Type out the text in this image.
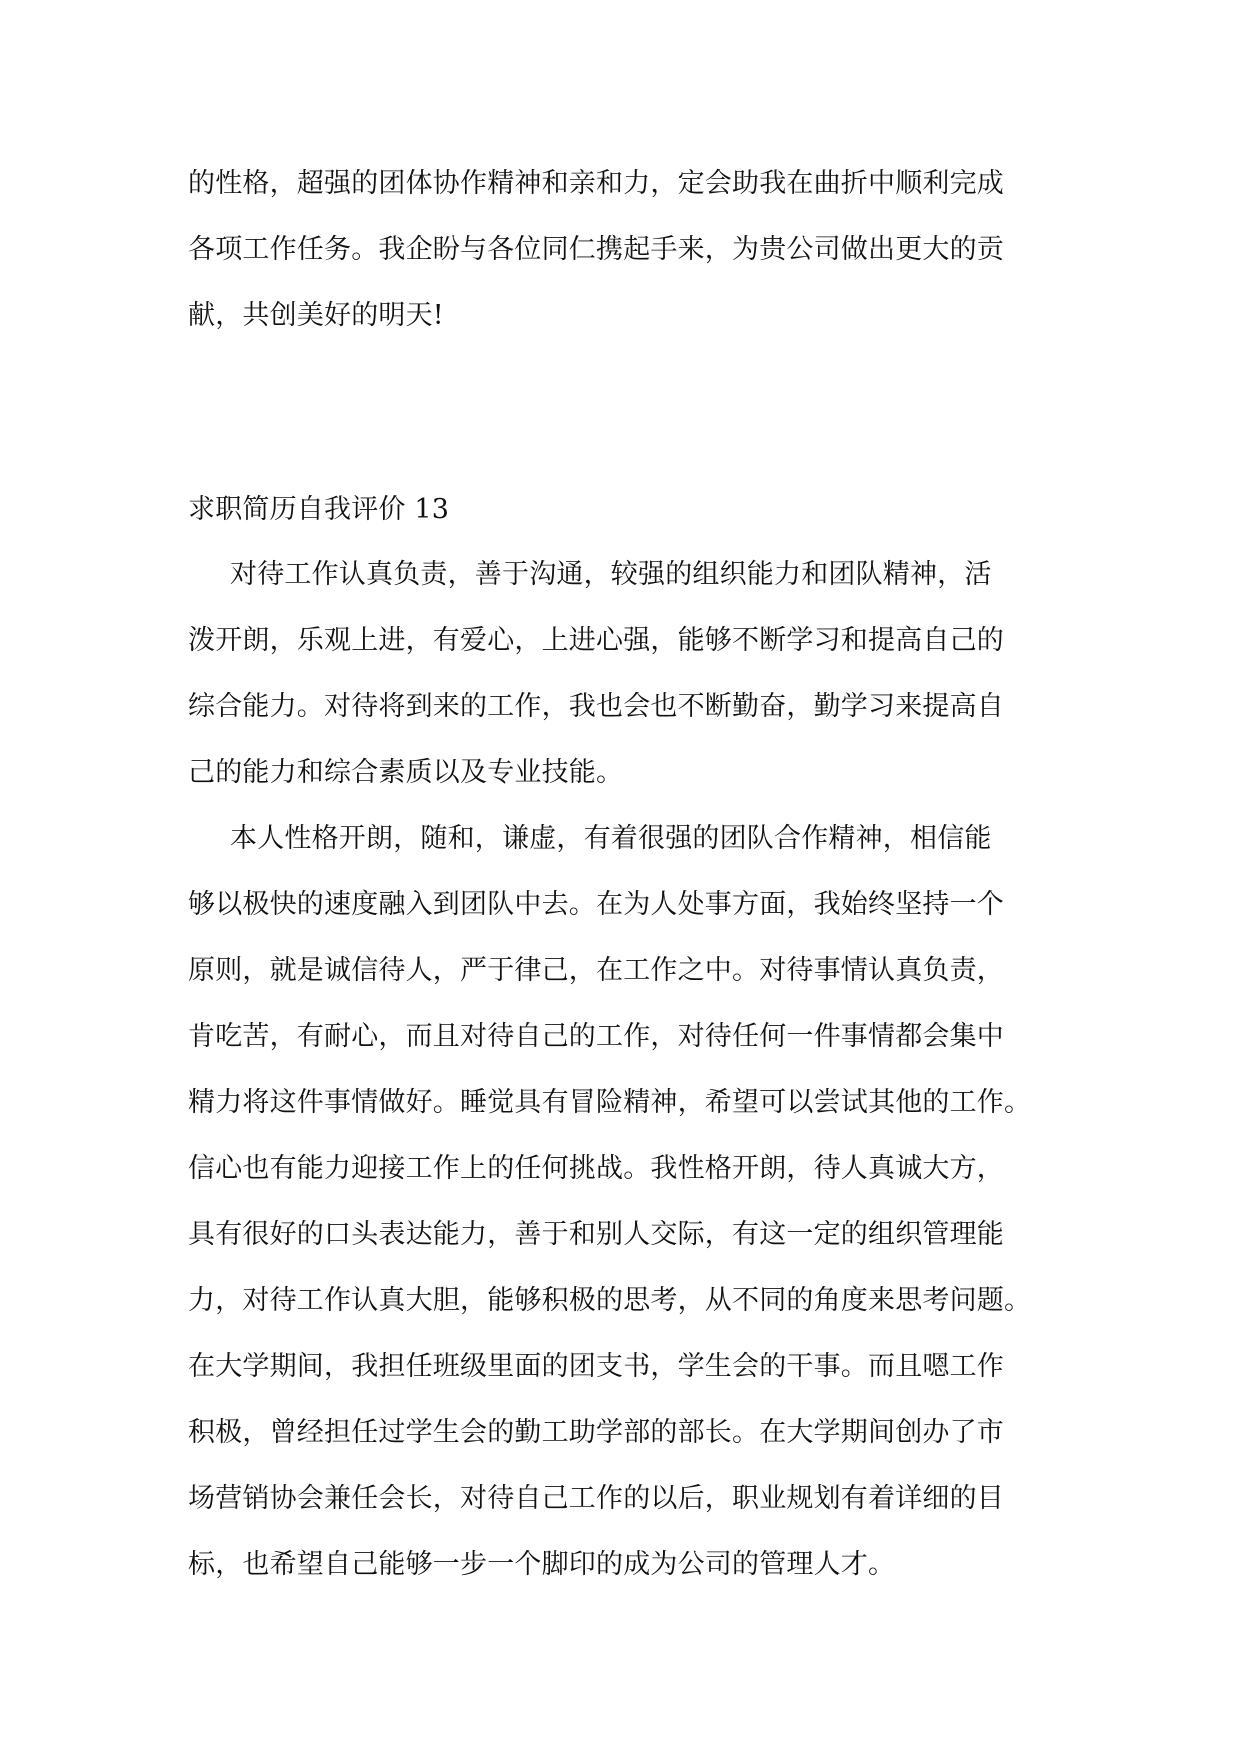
的性格，超强的团体协作精神和亲和力，定会助我在曲折中顺利完成
各项工作任务。我企盼与各位同仁携起手来，为贵公司做出更大的贡
献，共创美好的明天!
求职简历自我评价 13
对待工作认真负责，善于沟通，较强的组织能力和团队精神，活
泼开朗，乐观上进，有爱心，上进心强，能够不断学习和提高自己的
综合能力。对待将到来的工作，我也会也不断勤奋，勤学习来提高自
己的能力和综合素质以及专业技能。
本人性格开朗，随和，谦虚，有着很强的团队合作精神，相信能
够以极快的速度融入到团队中去。在为人处事方面，我始终坚持一个
原则，就是诚信待人，严于律己，在工作之中。对待事情认真负责，
肯吃苦，有耐心，而且对待自己的工作，对待任何一件事情都会集中
精力将这件事情做好。睡觉具有冒险精神，希望可以尝试其他的工作。
信心也有能力迎接工作上的任何挑战。我性格开朗，待人真诚大方，
具有很好的口头表达能力，善于和别人交际，有这一定的组织管理能
力，对待工作认真大胆，能够积极的思考，从不同的角度来思考问题。
在大学期间，我担任班级里面的团支书，学生会的干事。而且嗯工作
积极，曾经担任过学生会的勤工助学部的部长。在大学期间创办了市
场营销协会兼任会长，对待自己工作的以后，职业规划有着详细的目
标，也希望自己能够一步一个脚印的成为公司的管理人才。
